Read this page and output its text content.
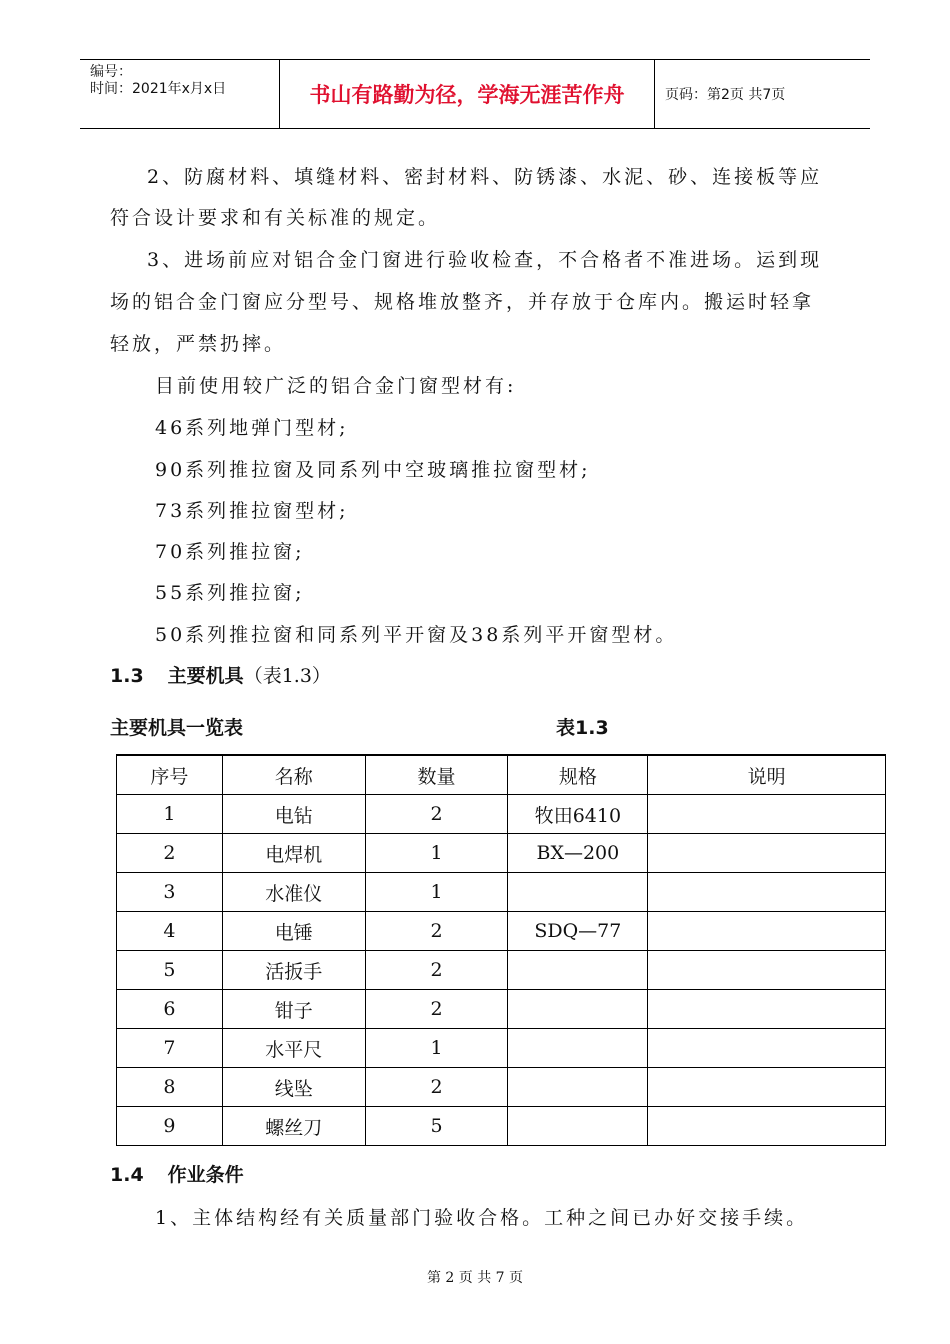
编号：
时间：2021年x月x日	书山有路勤为径，学海无涯苦作舟	页码：第2页 共7页
2、防腐材料、填缝材料、密封材料、防锈漆、水泥、砂、连接板等应
符合设计要求和有关标准的规定。
3、进场前应对铝合金门窗进行验收检查，不合格者不准进场。运到现
场的铝合金门窗应分型号、规格堆放整齐，并存放于仓库内。搬运时轻拿
轻放，严禁扔摔。
目前使用较广泛的铝合金门窗型材有:
46系列地弹门型材;
90系列推拉窗及同系列中空玻璃推拉窗型材;
73系列推拉窗型材;
70系列推拉窗;
55系列推拉窗;
50系列推拉窗和同系列平开窗及38系列平开窗型材。
1.3 主要机具（表1.3）
主要机具一览表	表1.3
序号	名称	数量	规格	说明
1	电钻	2	牧田6410	
2	电焊机	1	BX—200	
3	水准仪	1		
4	电锤	2	SDQ—77	
5	活扳手	2		
6	钳子	2		
7	水平尺	1		
8	线坠	2		
9	螺丝刀	5		
1.4 作业条件
1、主体结构经有关质量部门验收合格。工种之间已办好交接手续。
第 2 页 共 7 页
